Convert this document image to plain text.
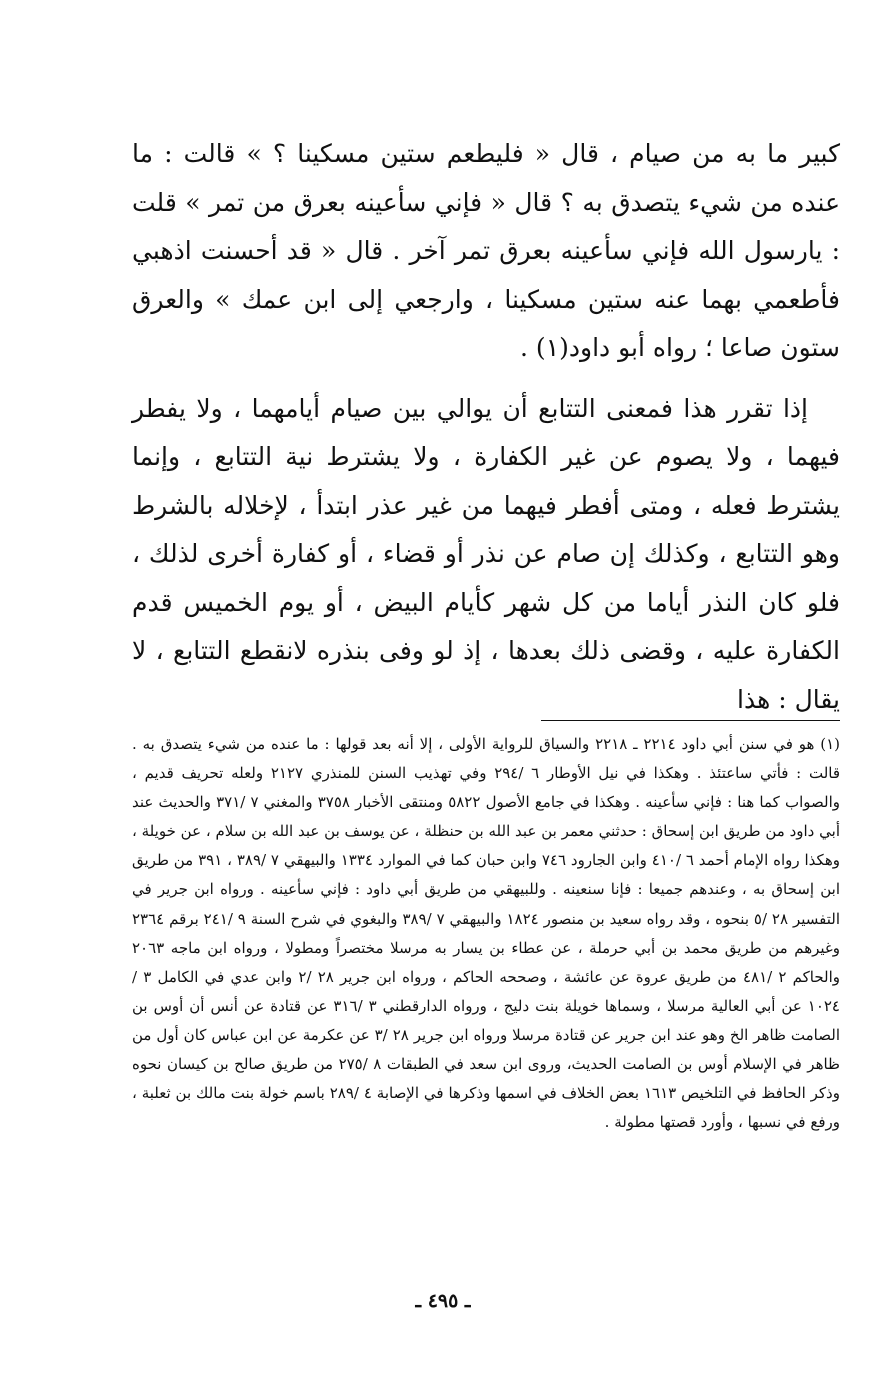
كبير ما به من صيام ، قال « فليطعم ستين مسكينا ؟ » قالت : ما عنده من شيء يتصدق به ؟ قال « فإني سأعينه بعرق من تمر » قلت : يارسول الله فإني سأعينه بعرق تمر آخر . قال « قد أحسنت اذهبي فأطعمي بهما عنه ستين مسكينا ، وارجعي إلى ابن عمك » والعرق ستون صاعا ؛ رواه أبو داود(١) .

إذا تقرر هذا فمعنى التتابع أن يوالي بين صيام أيامهما ، ولا يفطر فيهما ، ولا يصوم عن غير الكفارة ، ولا يشترط نية التتابع ، وإنما يشترط فعله ، ومتى أفطر فيهما من غير عذر ابتدأ ، لإخلاله بالشرط وهو التتابع ، وكذلك إن صام عن نذر أو قضاء ، أو كفارة أخرى لذلك ، فلو كان النذر أياما من كل شهر كأيام البيض ، أو يوم الخميس قدم الكفارة عليه ، وقضى ذلك بعدها ، إذ لو وفى بنذره لانقطع التتابع ، لا يقال : هذا

(١) هو في سنن أبي داود ٢٢١٤ ـ ٢٢١٨ والسياق للرواية الأولى ، إلا أنه بعد قولها : ما عنده من شيء يتصدق به . قالت : فأتي ساعتئذ . وهكذا في نيل الأوطار ٦ /٢٩٤ وفي تهذيب السنن للمنذري ٢١٢٧ ولعله تحريف قديم ، والصواب كما هنا : فإني سأعينه . وهكذا في جامع الأصول ٥٨٢٢ ومنتقى الأخبار ٣٧٥٨ والمغني ٧ /٣٧١ والحديث عند أبي داود من طريق ابن إسحاق : حدثني معمر بن عبد الله بن حنظلة ، عن يوسف بن عبد الله بن سلام ، عن خويلة ، وهكذا رواه الإمام أحمد ٦ /٤١٠ وابن الجارود ٧٤٦ وابن حبان كما في الموارد ١٣٣٤ والبيهقي ٧ /٣٨٩ ، ٣٩١ من طريق ابن إسحاق به ، وعندهم جميعا : فإنا سنعينه . وللبيهقي من طريق أبي داود : فإني سأعينه . ورواه ابن جرير في التفسير ٢٨ /٥ بنحوه ، وقد رواه سعيد بن منصور ١٨٢٤ والبيهقي ٧ /٣٨٩ والبغوي في شرح السنة ٩ /٢٤١ برقم ٢٣٦٤ وغيرهم من طريق محمد بن أبي حرملة ، عن عطاء بن يسار به مرسلا مختصراً ومطولا ، ورواه ابن ماجه ٢٠٦٣ والحاكم ٢ /٤٨١ من طريق عروة عن عائشة ، وصححه الحاكم ، ورواه ابن جرير ٢٨ /٢ وابن عدي في الكامل ٣ /١٠٢٤ عن أبي العالية مرسلا ، وسماها خويلة بنت دليج ، ورواه الدارقطني ٣ /٣١٦ عن قتادة عن أنس أن أوس بن الصامت ظاهر الخ وهو عند ابن جرير عن قتادة مرسلا ورواه ابن جرير ٢٨ /٣ عن عكرمة عن ابن عباس كان أول من ظاهر في الإسلام أوس بن الصامت الحديث، وروى ابن سعد في الطبقات ٨ /٢٧٥ من طريق صالح بن كيسان نحوه وذكر الحافظ في التلخيص ١٦١٣ بعض الخلاف في اسمها وذكرها في الإصابة ٤ /٢٨٩ باسم خولة بنت مالك بن ثعلبة ، ورفع في نسبها ، وأورد قصتها مطولة .

ـ ٤٩٥ ـ
